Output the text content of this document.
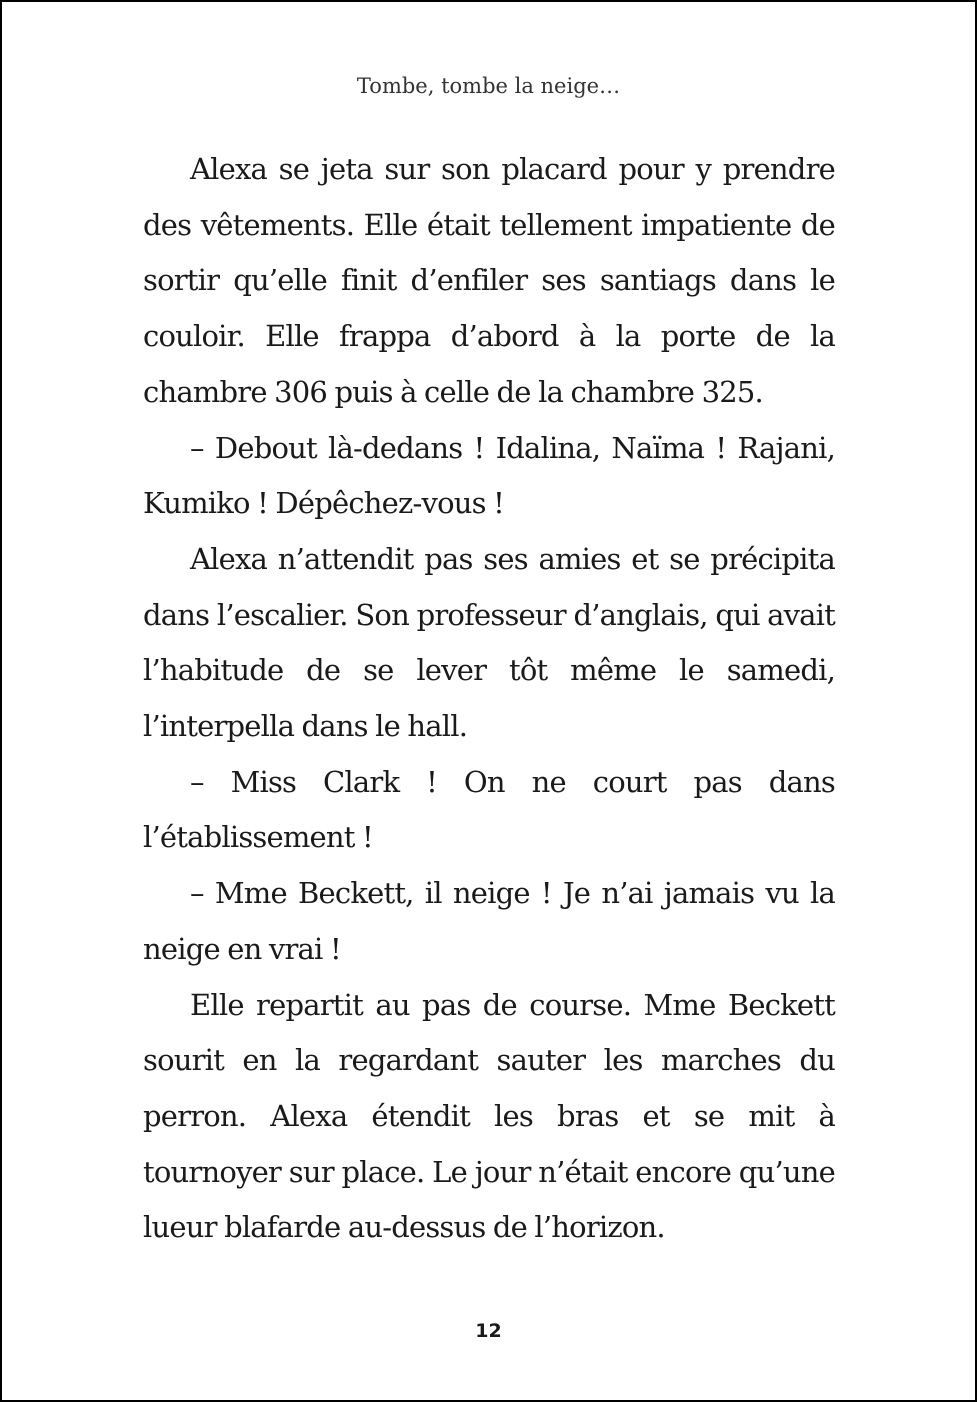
Tombe, tombe la neige…

Alexa se jeta sur son placard pour y prendre des vêtements. Elle était tellement impatiente de sortir qu’elle finit d’enfiler ses santiags dans le couloir. Elle frappa d’abord à la porte de la chambre 306 puis à celle de la chambre 325.

– Debout là-dedans ! Idalina, Naïma ! Rajani, Kumiko ! Dépêchez-vous !

Alexa n’attendit pas ses amies et se précipita dans l’escalier. Son professeur d’anglais, qui avait l’habitude de se lever tôt même le samedi, l’interpella dans le hall.

– Miss Clark ! On ne court pas dans l’établissement !

– Mme Beckett, il neige ! Je n’ai jamais vu la neige en vrai !

Elle repartit au pas de course. Mme Beckett sourit en la regardant sauter les marches du perron. Alexa étendit les bras et se mit à tournoyer sur place. Le jour n’était encore qu’une lueur blafarde au-dessus de l’horizon.

12
